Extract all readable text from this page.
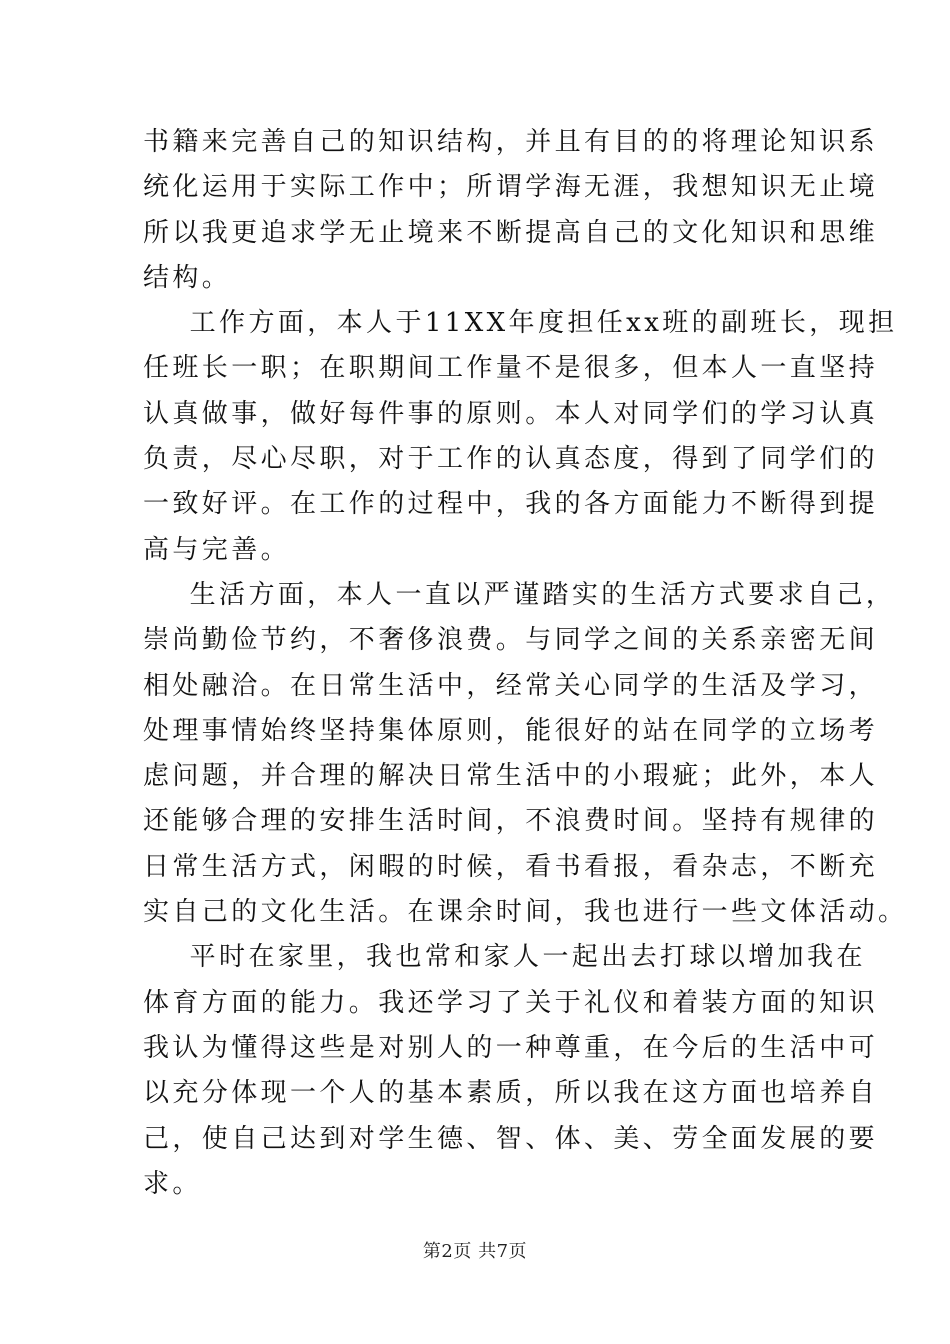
书籍来完善自己的知识结构，并且有目的的将理论知识系
统化运用于实际工作中；所谓学海无涯，我想知识无止境
所以我更追求学无止境来不断提高自己的文化知识和思维
结构。
工作方面，本人于11XX年度担任xx班的副班长，现担
任班长一职；在职期间工作量不是很多，但本人一直坚持
认真做事，做好每件事的原则。本人对同学们的学习认真
负责，尽心尽职，对于工作的认真态度，得到了同学们的
一致好评。在工作的过程中，我的各方面能力不断得到提
高与完善。
生活方面，本人一直以严谨踏实的生活方式要求自己，
崇尚勤俭节约，不奢侈浪费。与同学之间的关系亲密无间
相处融洽。在日常生活中，经常关心同学的生活及学习，
处理事情始终坚持集体原则，能很好的站在同学的立场考
虑问题，并合理的解决日常生活中的小瑕疵；此外，本人
还能够合理的安排生活时间，不浪费时间。坚持有规律的
日常生活方式，闲暇的时候，看书看报，看杂志，不断充
实自己的文化生活。在课余时间，我也进行一些文体活动。
平时在家里，我也常和家人一起出去打球以增加我在
体育方面的能力。我还学习了关于礼仪和着装方面的知识
我认为懂得这些是对别人的一种尊重，在今后的生活中可
以充分体现一个人的基本素质，所以我在这方面也培养自
己，使自己达到对学生德、智、体、美、劳全面发展的要
求。
第2页 共7页
